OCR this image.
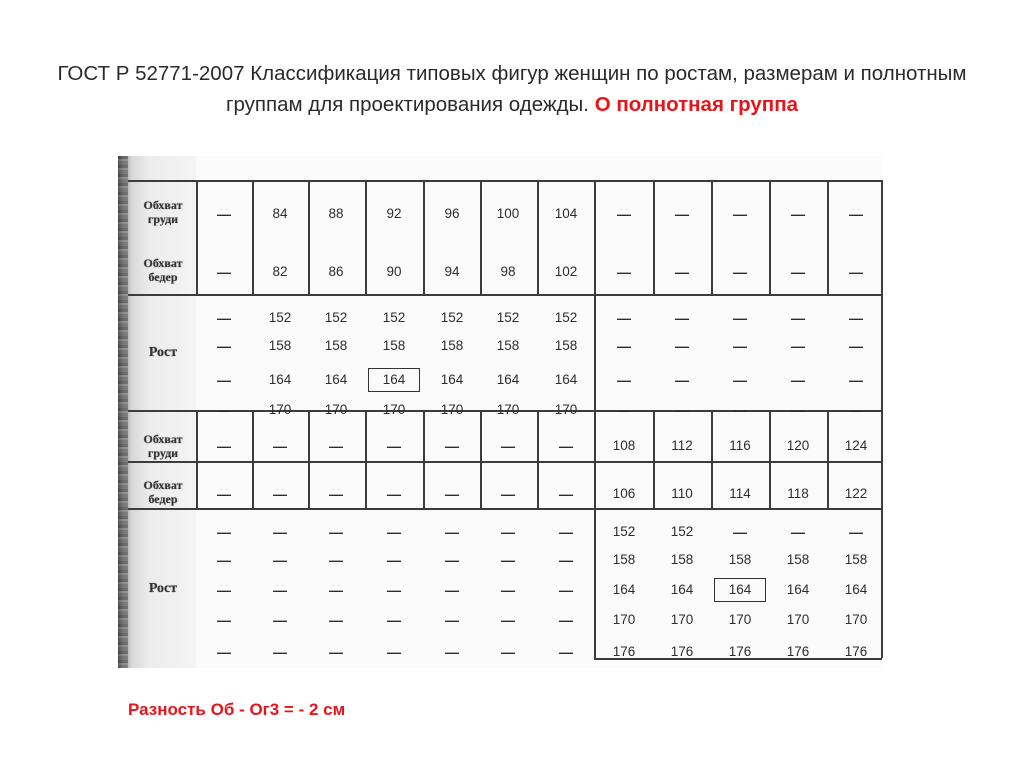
ГОСТ Р 52771-2007 Классификация типовых фигур женщин по ростам, размерам и полнотным группам для проектирования одежды. О полнотная группа
Обхват груди	—	84	88	92	96	100	104	—	—	—	—	—
Обхват бедер	—	82	86	90	94	98	102	—	—	—	—	—
Рост
—	152	152	152	152	152	152	—	—	—	—	—
—	158	158	158	158	158	158	—	—	—	—	—
—	164	164	164	164	164	164	—	—	—	—	—
—	170	170	170	170	170	170	—	—	—	—	—
Обхват груди	—	—	—	—	—	—	—	108	112	116	120	124
Обхват бедер	—	—	—	—	—	—	—	106	110	114	118	122
Рост
—	—	—	—	—	—	—	152	152	—	—	—
—	—	—	—	—	—	—	158	158	158	158	158
—	—	—	—	—	—	—	164	164	164	164	164
—	—	—	—	—	—	—	170	170	170	170	170
—	—	—	—	—	—	—	176	176	176	176	176
Разность Об - Ог3 = - 2 см
